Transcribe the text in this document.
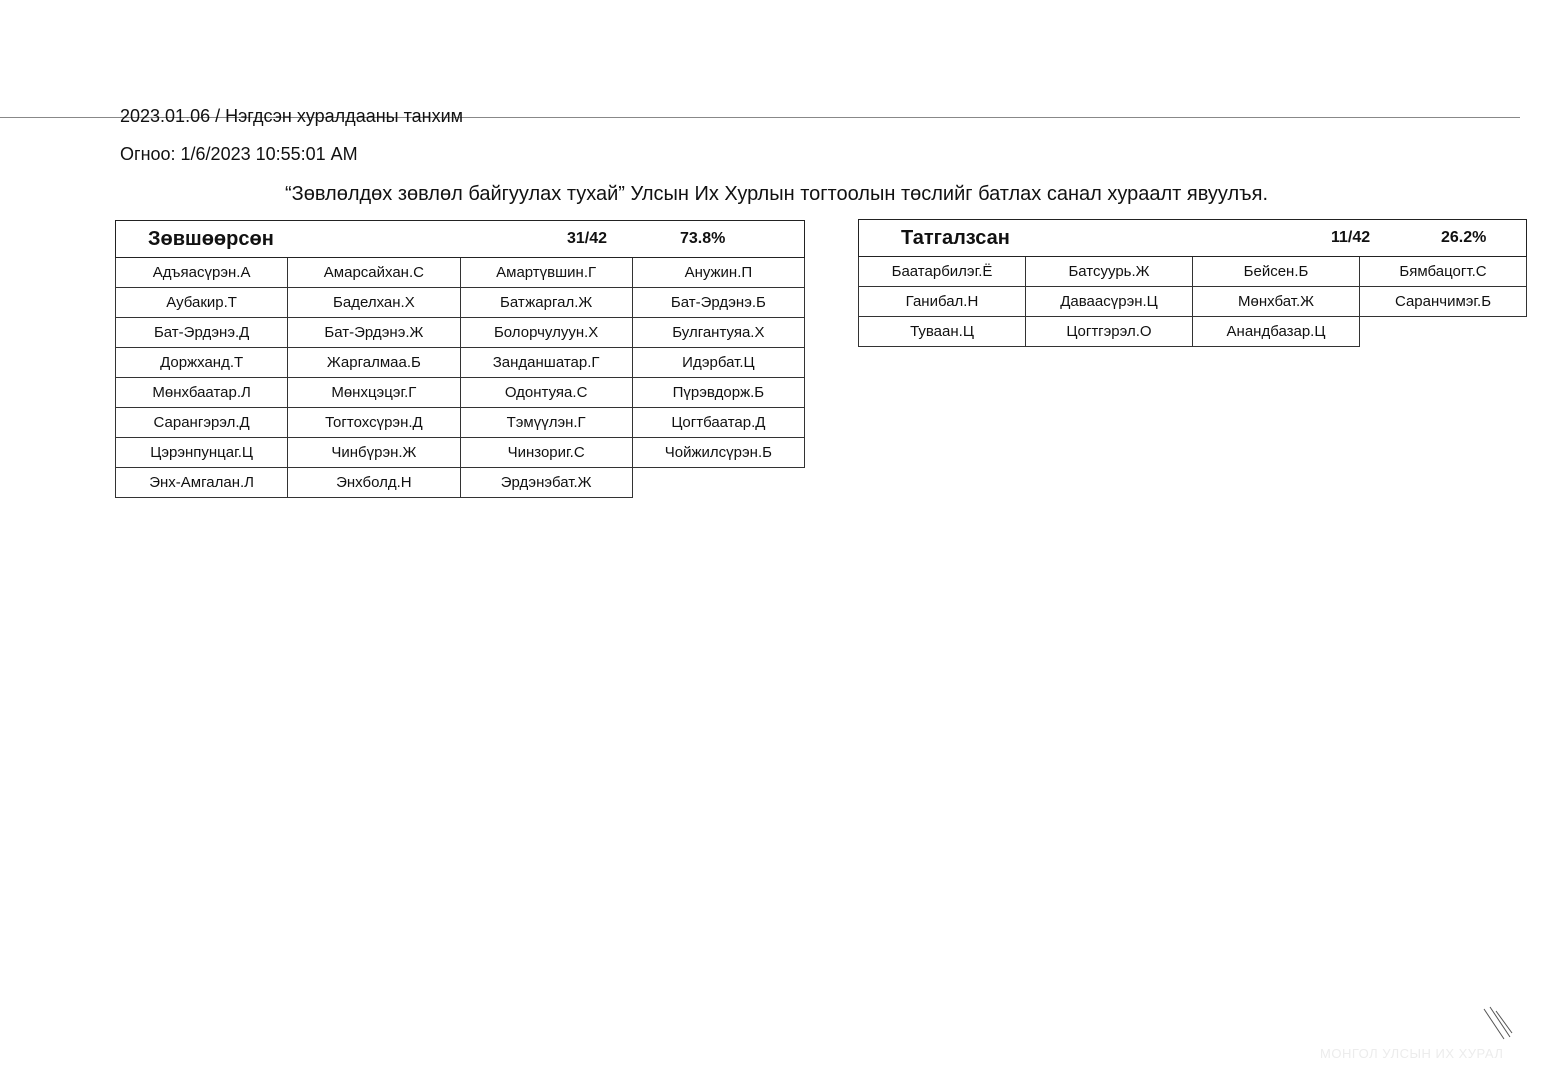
2023.01.06 / Нэгдсэн хуралдааны танхим
Огноо: 1/6/2023 10:55:01 AM
“Зөвлөлдөх зөвлөл байгуулах тухай” Улсын Их Хурлын тогтоолын төслийг батлах санал хураалт явуулъя.
Зөвшөөрсөн	31/42	73.8%
Адъяасүрэн.А	Амарсайхан.С	Амартүвшин.Г	Анужин.П
Аубакир.Т	Баделхан.Х	Батжаргал.Ж	Бат-Эрдэнэ.Б
Бат-Эрдэнэ.Д	Бат-Эрдэнэ.Ж	Болорчулуун.Х	Булгантуяа.Х
Доржханд.Т	Жаргалмаа.Б	Занданшатар.Г	Идэрбат.Ц
Мөнхбаатар.Л	Мөнхцэцэг.Г	Одонтуяа.С	Пүрэвдорж.Б
Сарангэрэл.Д	Тогтохсүрэн.Д	Тэмүүлэн.Г	Цогтбаатар.Д
Цэрэнпунцаг.Ц	Чинбүрэн.Ж	Чинзориг.С	Чойжилсүрэн.Б
Энх-Амгалан.Л	Энхболд.Н	Эрдэнэбат.Ж
Татгалзсан	11/42	26.2%
Баатарбилэг.Ё	Батсуурь.Ж	Бейсен.Б	Бямбацогт.С
Ганибал.Н	Даваасүрэн.Ц	Мөнхбат.Ж	Саранчимэг.Б
Туваан.Ц	Цогтгэрэл.О	Анандбазар.Ц
МОНГОЛ УЛСЫН ИХ ХУРАЛ
